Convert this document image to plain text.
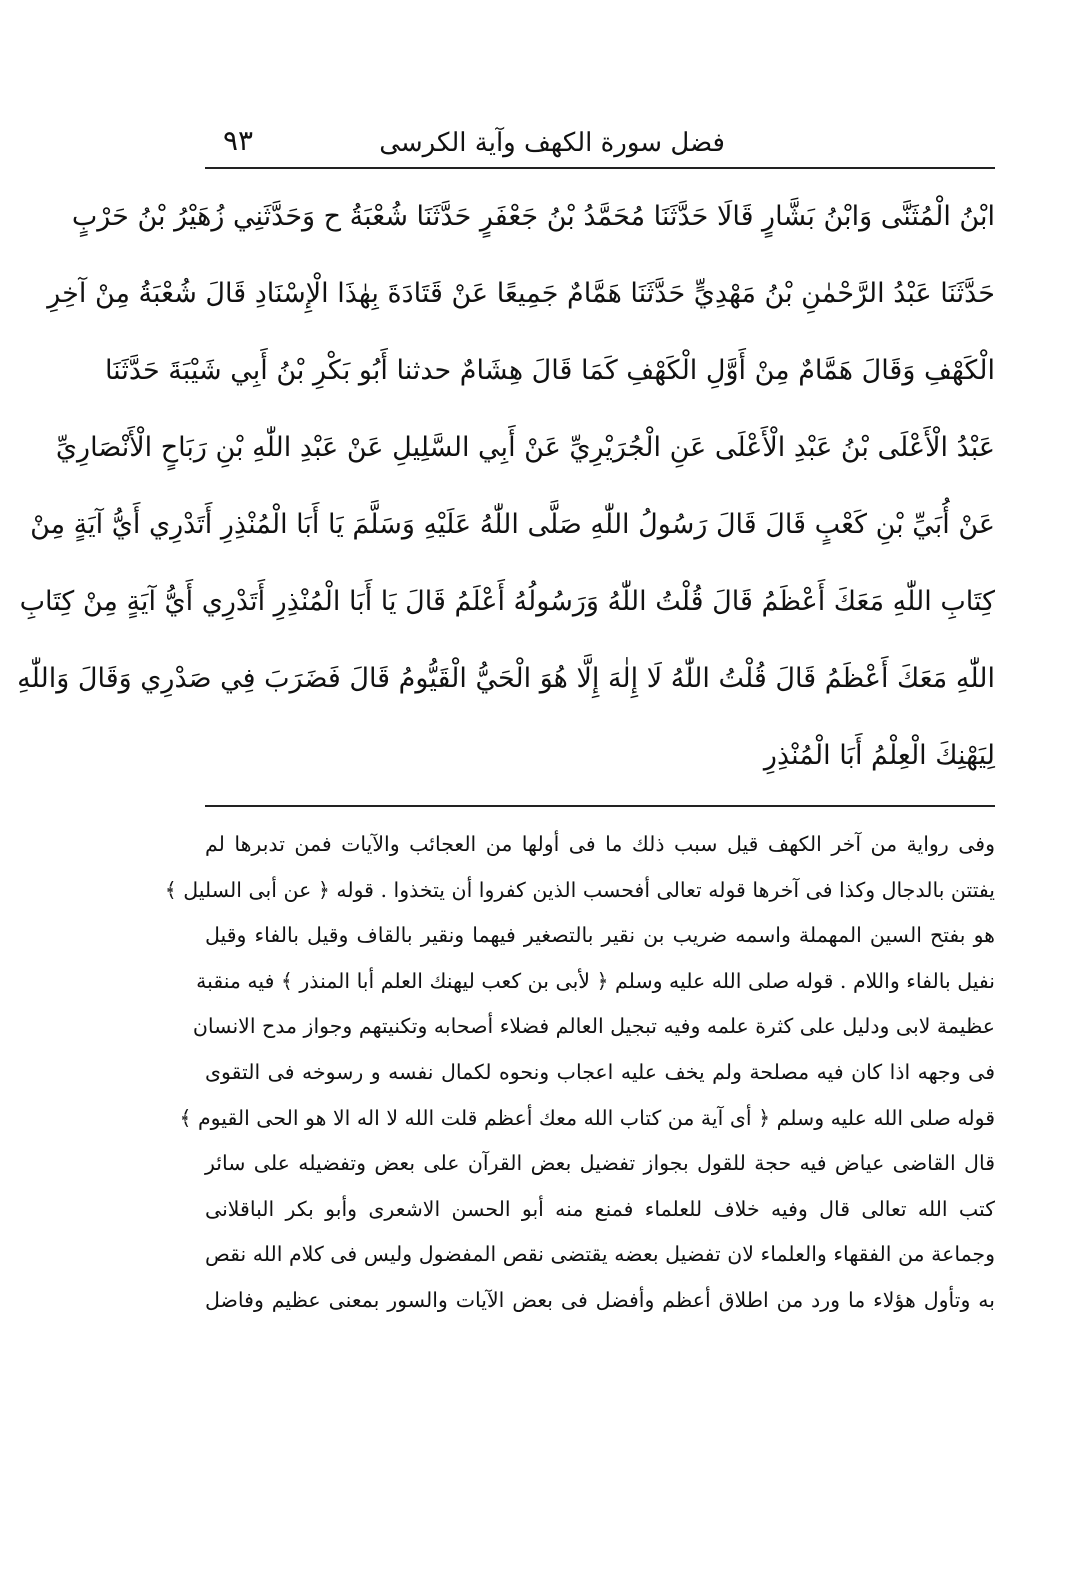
فضل سورة الكهف وآية الكرسى
٩٣
ابْنُ الْمُثَنَّى وَابْنُ بَشَّارٍ قَالَا حَدَّثَنَا مُحَمَّدُ بْنُ جَعْفَرٍ حَدَّثَنَا شُعْبَةُ ح وَحَدَّثَنِي زُهَيْرُ بْنُ حَرْبٍ
حَدَّثَنَا عَبْدُ الرَّحْمٰنِ بْنُ مَهْدِيٍّ حَدَّثَنَا هَمَّامٌ جَمِيعًا عَنْ قَتَادَةَ بِهٰذَا الْإِسْنَادِ قَالَ شُعْبَةُ مِنْ آخِرِ
الْكَهْفِ وَقَالَ هَمَّامٌ مِنْ أَوَّلِ الْكَهْفِ كَمَا قَالَ هِشَامٌ حدثنا أَبُو بَكْرِ بْنُ أَبِي شَيْبَةَ حَدَّثَنَا
عَبْدُ الْأَعْلَى بْنُ عَبْدِ الْأَعْلَى عَنِ الْجُرَيْرِيِّ عَنْ أَبِي السَّلِيلِ عَنْ عَبْدِ اللّٰهِ بْنِ رَبَاحٍ الْأَنْصَارِيِّ
عَنْ أُبَيِّ بْنِ كَعْبٍ قَالَ قَالَ رَسُولُ اللّٰهِ صَلَّى اللّٰهُ عَلَيْهِ وَسَلَّمَ يَا أَبَا الْمُنْذِرِ أَتَدْرِي أَيُّ آيَةٍ مِنْ
كِتَابِ اللّٰهِ مَعَكَ أَعْظَمُ قَالَ قُلْتُ اللّٰهُ وَرَسُولُهُ أَعْلَمُ قَالَ يَا أَبَا الْمُنْذِرِ أَتَدْرِي أَيُّ آيَةٍ مِنْ كِتَابِ
اللّٰهِ مَعَكَ أَعْظَمُ قَالَ قُلْتُ اللّٰهُ لَا إِلٰهَ إِلَّا هُوَ الْحَيُّ الْقَيُّومُ قَالَ فَضَرَبَ فِي صَدْرِي وَقَالَ وَاللّٰهِ
لِيَهْنِكَ الْعِلْمُ أَبَا الْمُنْذِرِ
وفى رواية من آخر الكهف قيل سبب ذلك ما فى أولها من العجائب والآيات فمن تدبرها لم
يفتتن بالدجال وكذا فى آخرها قوله تعالى أفحسب الذين كفروا أن يتخذوا . قوله ﴿ عن أبى السليل ﴾
هو بفتح السين المهملة واسمه ضريب بن نقير بالتصغير فيهما ونقير بالقاف وقيل بالفاء وقيل
نفيل بالفاء واللام . قوله صلى الله عليه وسلم ﴿ لأبى بن كعب ليهنك العلم أبا المنذر ﴾ فيه منقبة
عظيمة لابى ودليل على كثرة علمه وفيه تبجيل العالم فضلاء أصحابه وتكنيتهم وجواز مدح الانسان
فى وجهه اذا كان فيه مصلحة ولم يخف عليه اعجاب ونحوه لكمال نفسه و رسوخه فى التقوى
قوله صلى الله عليه وسلم ﴿ أى آية من كتاب الله معك أعظم قلت الله لا اله الا هو الحى القيوم ﴾
قال القاضى عياض فيه حجة للقول بجواز تفضيل بعض القرآن على بعض وتفضيله على سائر
كتب الله تعالى قال وفيه خلاف للعلماء فمنع منه أبو الحسن الاشعرى وأبو بكر الباقلانى
وجماعة من الفقهاء والعلماء لان تفضيل بعضه يقتضى نقص المفضول وليس فى كلام الله نقص
به وتأول هؤلاء ما ورد من اطلاق أعظم وأفضل فى بعض الآيات والسور بمعنى عظيم وفاضل
